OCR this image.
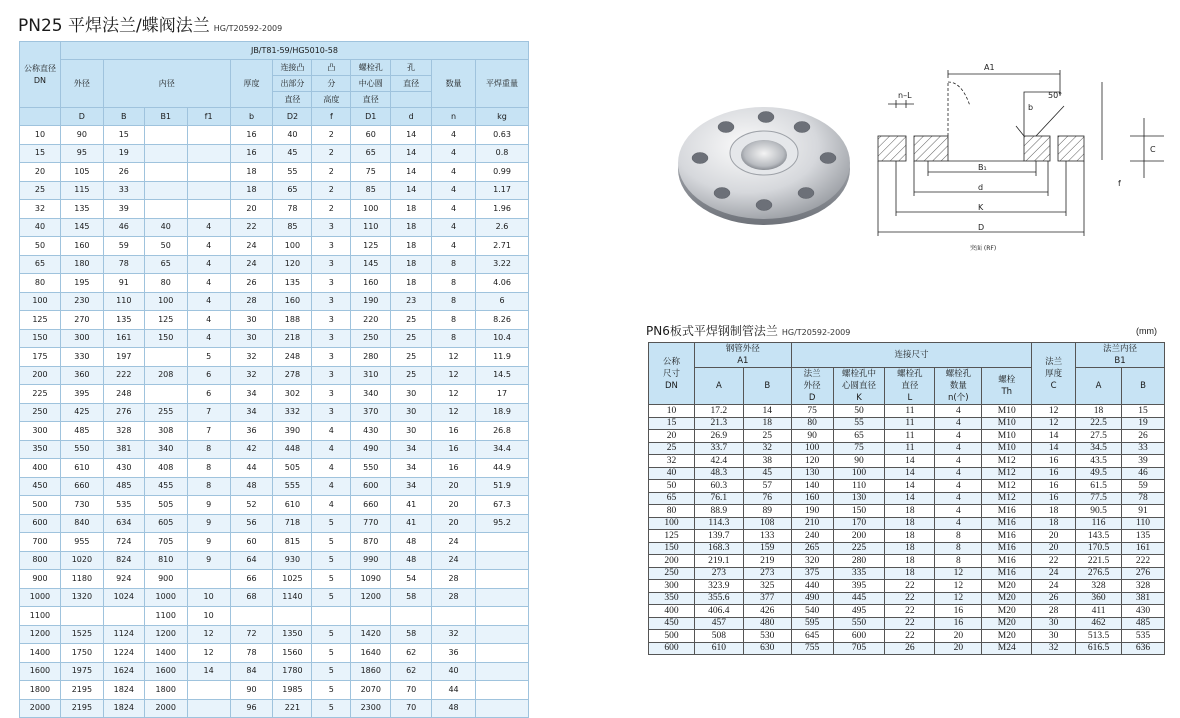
PN25 平焊法兰/蝶阀法兰 HG/T20592-2009
公称直径
DN	JB/T81-59/HG5010-58										
	外径	内径			厚度	连接凸	凸	螺栓孔	孔	数量	平焊重量
						出部分	分	中心圆	直径		
						直径	高度	直径			
	D	B	B1	f1	b	D2	f	D1	d	n	kg
10	90	15			16	40	2	60	14	4	0.63
15	95	19			16	45	2	65	14	4	0.8
20	105	26			18	55	2	75	14	4	0.99
25	115	33			18	65	2	85	14	4	1.17
32	135	39			20	78	2	100	18	4	1.96
40	145	46	40	4	22	85	3	110	18	4	2.6
50	160	59	50	4	24	100	3	125	18	4	2.71
65	180	78	65	4	24	120	3	145	18	8	3.22
80	195	91	80	4	26	135	3	160	18	8	4.06
100	230	110	100	4	28	160	3	190	23	8	6
125	270	135	125	4	30	188	3	220	25	8	8.26
150	300	161	150	4	30	218	3	250	25	8	10.4
175	330	197		5	32	248	3	280	25	12	11.9
200	360	222	208	6	32	278	3	310	25	12	14.5
225	395	248		6	34	302	3	340	30	12	17
250	425	276	255	7	34	332	3	370	30	12	18.9
300	485	328	308	7	36	390	4	430	30	16	26.8
350	550	381	340	8	42	448	4	490	34	16	34.4
400	610	430	408	8	44	505	4	550	34	16	44.9
450	660	485	455	8	48	555	4	600	34	20	51.9
500	730	535	505	9	52	610	4	660	41	20	67.3
600	840	634	605	9	56	718	5	770	41	20	95.2
700	955	724	705	9	60	815	5	870	48	24	
800	1020	824	810	9	64	930	5	990	48	24	
900	1180	924	900		66	1025	5	1090	54	28	
1000	1320	1024	1000	10	68	1140	5	1200	58	28	
1100			1100	10							
1200	1525	1124	1200	12	72	1350	5	1420	58	32	
1400	1750	1224	1400	12	78	1560	5	1640	62	36	
1600	1975	1624	1600	14	84	1780	5	1860	62	40	
1800	2195	1824	1800		90	1985	5	2070	70	44	
2000	2195	1824	2000		96	221	5	2300	70	48	
A1
50°
n–L
b
C
f
B₁
d
K
D
突面 (RF)
PN6板式平焊钢制管法兰 HG/T20592-2009	(mm)
公称
尺寸
DN	钢管外径
A1		连接尺寸					法兰
厚度
C	法兰内径
B1	
	A	B	法兰
外径
D	螺栓孔中
心圆直径
K	螺栓孔
直径
L	螺栓孔
数量
n(个)	螺栓
Th		A	B

10	17.2	14	75	50	11	4	M10	12	18	15
15	21.3	18	80	55	11	4	M10	12	22.5	19
20	26.9	25	90	65	11	4	M10	14	27.5	26
25	33.7	32	100	75	11	4	M10	14	34.5	33
32	42.4	38	120	90	14	4	M12	16	43.5	39
40	48.3	45	130	100	14	4	M12	16	49.5	46
50	60.3	57	140	110	14	4	M12	16	61.5	59
65	76.1	76	160	130	14	4	M12	16	77.5	78
80	88.9	89	190	150	18	4	M16	18	90.5	91
100	114.3	108	210	170	18	4	M16	18	116	110
125	139.7	133	240	200	18	8	M16	20	143.5	135
150	168.3	159	265	225	18	8	M16	20	170.5	161
200	219.1	219	320	280	18	8	M16	22	221.5	222
250	273	273	375	335	18	12	M16	24	276.5	276
300	323.9	325	440	395	22	12	M20	24	328	328
350	355.6	377	490	445	22	12	M20	26	360	381
400	406.4	426	540	495	22	16	M20	28	411	430
450	457	480	595	550	22	16	M20	30	462	485
500	508	530	645	600	22	20	M20	30	513.5	535
600	610	630	755	705	26	20	M24	32	616.5	636
